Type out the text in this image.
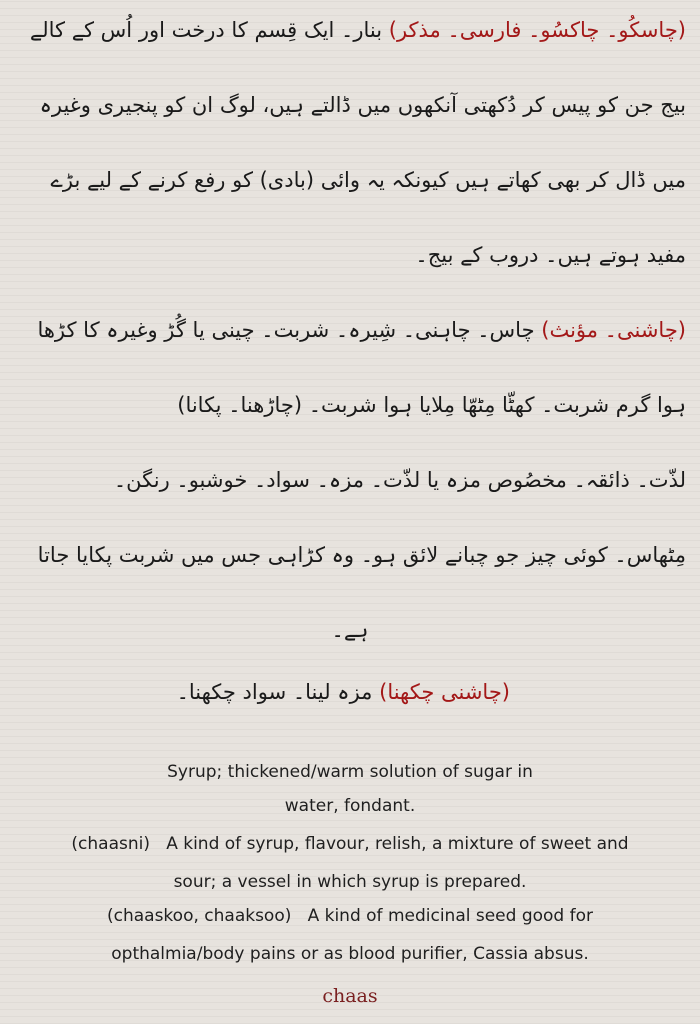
(چاسکُو۔ چاکسُو۔ فارسی۔ مذکر) بنار۔ ایک قِسم کا درخت اور اُس کے کالے

بیج جن کو پیس کر دُکھتی آنکھوں میں ڈالتے ہیں، لوگ ان کو پنجیری وغیرہ

میں ڈال کر بھی کھاتے ہیں کیونکہ یہ وائی (بادی) کو رفع کرنے کے لیے بڑے

مفید ہوتے ہیں۔ دروب کے بیج۔

(چاشنی۔ مؤنث) چاس۔ چاہنی۔ شِیرہ۔ شربت۔ چینی یا گُڑ وغیرہ کا کڑھا

ہوا گرم شربت۔ کھٹّا مِٹھّا مِلایا ہوا شربت۔ (چاڑھنا۔ پکانا)

لذّت۔ ذائقہ۔ مخصُوص مزہ یا لذّت۔ مزہ۔ سواد۔ خوشبو۔ رنگن۔

مِٹھاس۔ کوئی چیز جو چبانے لائق ہو۔ وہ کڑاہی جس میں شربت پکایا جاتا

ہے۔

(چاشنی چکھنا) مزہ لینا۔ سواد چکھنا۔

Syrup; thickened/warm solution of sugar in

water, fondant.

(chaasni)   A kind of syrup, flavour, relish, a mixture of sweet and

sour; a vessel in which syrup is prepared.

(chaaskoo, chaaksoo)   A kind of medicinal seed good for

opthalmia/body pains or as blood purifier, Cassia absus.

chaas
